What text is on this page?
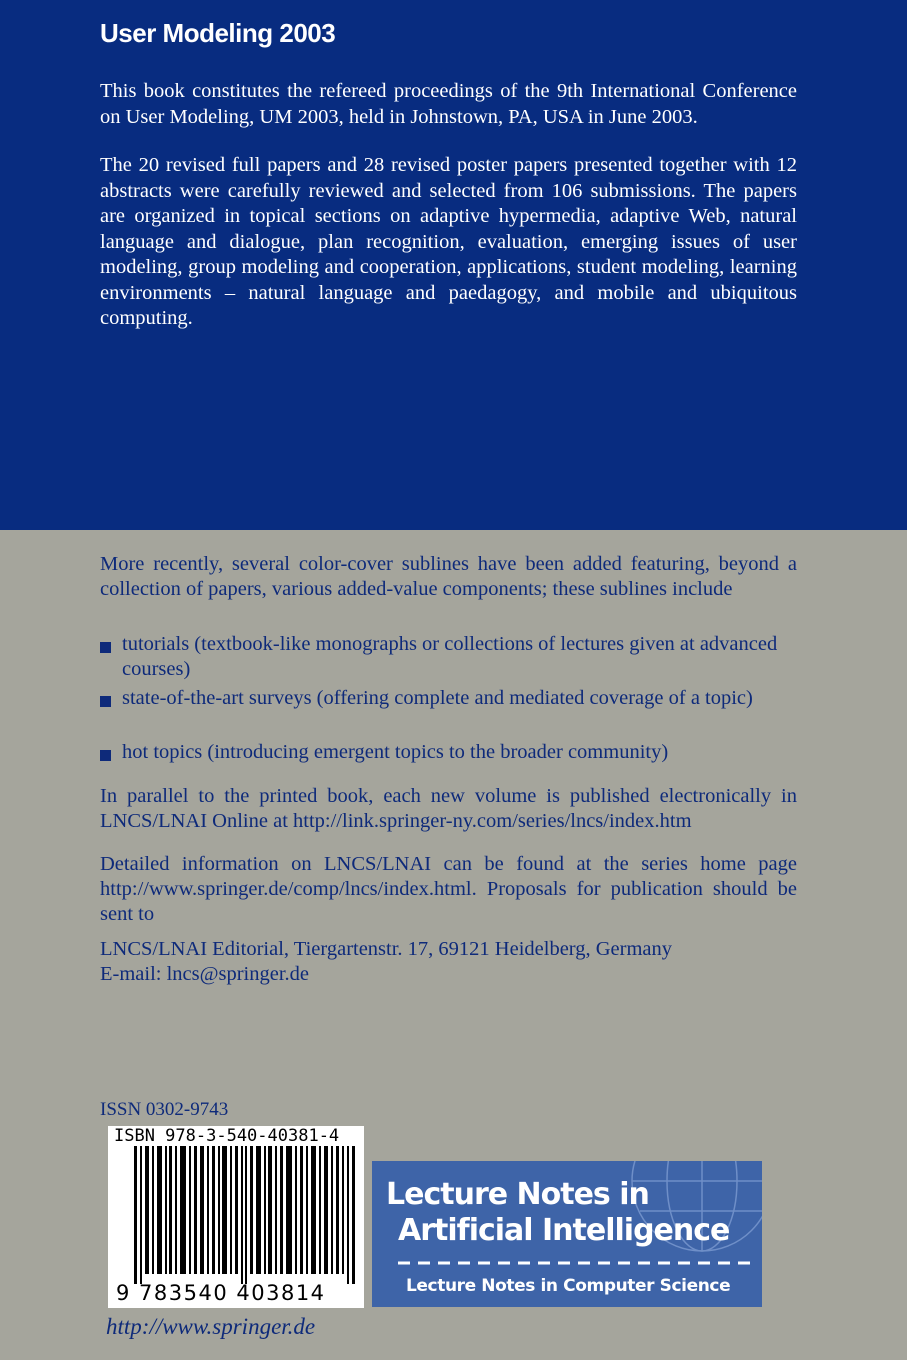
User Modeling 2003

This book constitutes the refereed proceedings of the 9th International Conference on User Modeling, UM 2003, held in Johnstown, PA, USA in June 2003.

The 20 revised full papers and 28 revised poster papers presented together with 12 abstracts were carefully reviewed and selected from 106 submissions. The papers are organized in topical sections on adaptive hypermedia, adaptive Web, natural language and dialogue, plan recognition, evaluation, emerging issues of user modeling, group modeling and cooperation, applications, student modeling, learning environments – natural language and paedagogy, and mobile and ubiquitous computing.

More recently, several color-cover sublines have been added featuring, beyond a collection of papers, various added-value components; these sublines include

tutorials (textbook-like monographs or collections of lectures given at advanced courses)
state-of-the-art surveys (offering complete and mediated coverage of a topic)
hot topics (introducing emergent topics to the broader community)

In parallel to the printed book, each new volume is published electronically in LNCS/LNAI Online at http://link.springer-ny.com/series/lncs/index.htm

Detailed information on LNCS/LNAI can be found at the series home page http://www.springer.de/comp/lncs/index.html. Proposals for publication should be sent to

LNCS/LNAI Editorial, Tiergartenstr. 17, 69121 Heidelberg, Germany
E-mail: lncs@springer.de
ISSN 0302-9743
ISBN 978-3-540-40381-4
9 783540 403814
Lecture Notes in
Artificial Intelligence
Lecture Notes in Computer Science
http://www.springer.de
